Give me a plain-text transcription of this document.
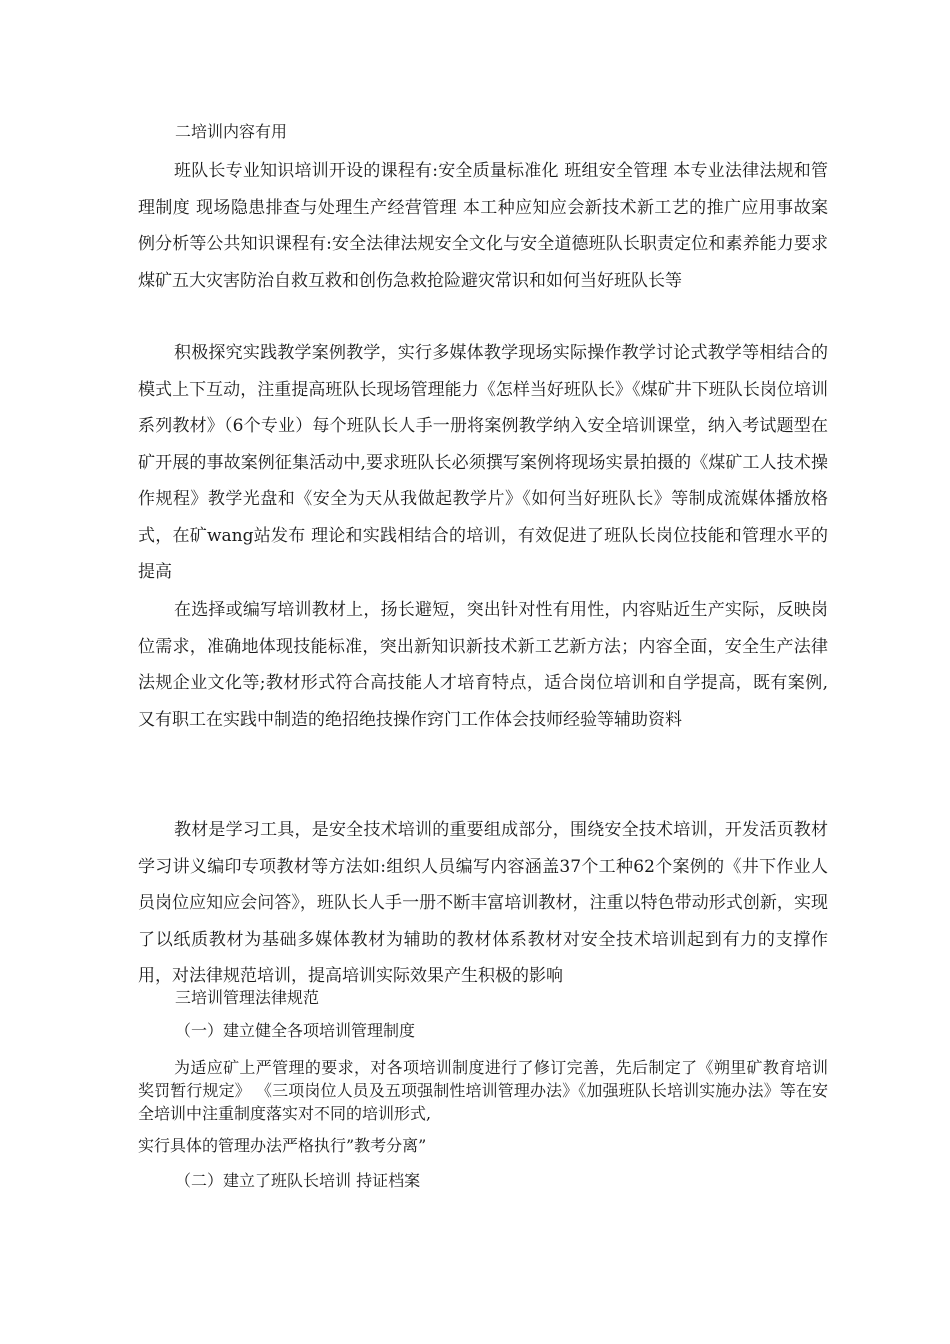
二培训内容有用
班队长专业知识培训开设的课程有:安全质量标准化 班组安全管理 本专业法律法规和管理制度 现场隐患排查与处理生产经营管理 本工种应知应会新技术新工艺的推广应用事故案例分析等公共知识课程有:安全法律法规安全文化与安全道德班队长职责定位和素养能力要求煤矿五大灾害防治自救互救和创伤急救抢险避灾常识和如何当好班队长等
积极探究实践教学案例教学，实行多媒体教学现场实际操作教学讨论式教学等相结合的模式上下互动，注重提高班队长现场管理能力《怎样当好班队长》《煤矿井下班队长岗位培训系列教材》（6个专业）每个班队长人手一册将案例教学纳入安全培训课堂，纳入考试题型在矿开展的事故案例征集活动中,要求班队长必须撰写案例将现场实景拍摄的《煤矿工人技术操作规程》教学光盘和《安全为天从我做起教学片》《如何当好班队长》等制成流媒体播放格式，在矿wang站发布 理论和实践相结合的培训，有效促进了班队长岗位技能和管理水平的提高
在选择或编写培训教材上，扬长避短，突出针对性有用性，内容贴近生产实际，反映岗位需求，准确地体现技能标准，突出新知识新技术新工艺新方法；内容全面，安全生产法律法规企业文化等;教材形式符合高技能人才培育特点，适合岗位培训和自学提高，既有案例,又有职工在实践中制造的绝招绝技操作窍门工作体会技师经验等辅助资料
教材是学习工具，是安全技术培训的重要组成部分，围绕安全技术培训，开发活页教材学习讲义编印专项教材等方法如:组织人员编写内容涵盖37个工种62个案例的《井下作业人员岗位应知应会问答》，班队长人手一册不断丰富培训教材，注重以特色带动形式创新，实现了以纸质教材为基础多媒体教材为辅助的教材体系教材对安全技术培训起到有力的支撑作用，对法律规范培训，提高培训实际效果产生积极的影响
三培训管理法律规范
（一）建立健全各项培训管理制度
为适应矿上严管理的要求，对各项培训制度进行了修订完善，先后制定了《朔里矿教育培训奖罚暂行规定》 《三项岗位人员及五项强制性培训管理办法》《加强班队长培训实施办法》等在安全培训中注重制度落实对不同的培训形式,
实行具体的管理办法严格执行”教考分离”
（二）建立了班队长培训 持证档案
